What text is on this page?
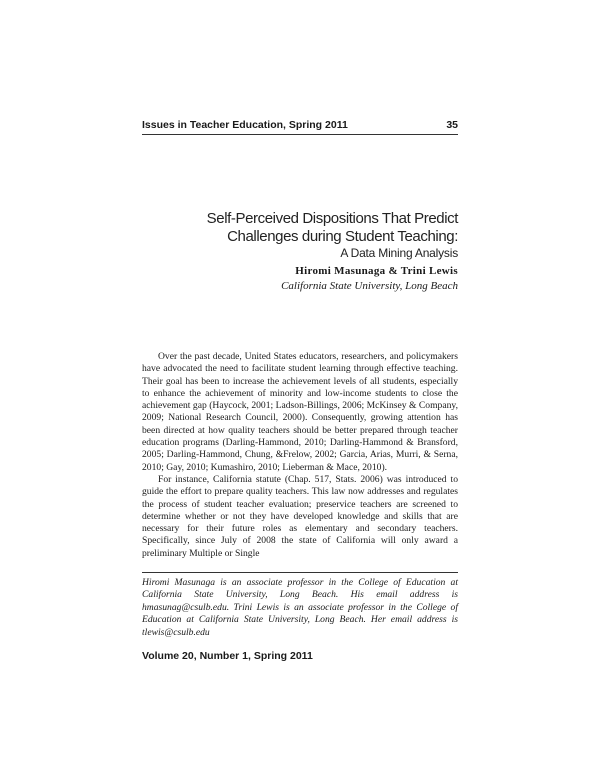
Issues in Teacher Education, Spring 2011	35
Self-Perceived Dispositions That Predict
Challenges during Student Teaching:
A Data Mining Analysis
Hiromi Masunaga & Trini Lewis
California State University, Long Beach

Over the past decade, United States educators, researchers, and policymakers have advocated the need to facilitate student learning through effective teaching. Their goal has been to increase the achievement levels of all students, especially to enhance the achievement of minority and low-income students to close the achievement gap (Haycock, 2001; Ladson-Billings, 2006; McKinsey & Company, 2009; National Research Council, 2000). Consequently, growing attention has been directed at how quality teachers should be better prepared through teacher education programs (Darling-Hammond, 2010; Darling-Hammond & Bransford, 2005; Darling-Hammond, Chung, &Frelow, 2002; Garcia, Arias, Murri, & Serna, 2010; Gay, 2010; Kumashiro, 2010; Lieberman & Mace, 2010).

For instance, California statute (Chap. 517, Stats. 2006) was introduced to guide the effort to prepare quality teachers. This law now addresses and regulates the process of student teacher evaluation; preservice teachers are screened to determine whether or not they have developed knowledge and skills that are necessary for their future roles as elementary and secondary teachers. Specifically, since July of 2008 the state of California will only award a preliminary Multiple or Single

Hiromi Masunaga is an associate professor in the College of Education at California State University, Long Beach. His email address is hmasunag@csulb.edu. Trini Lewis is an associate professor in the College of Education at California State University, Long Beach. Her email address is tlewis@csulb.edu
Volume 20, Number 1, Spring 2011
